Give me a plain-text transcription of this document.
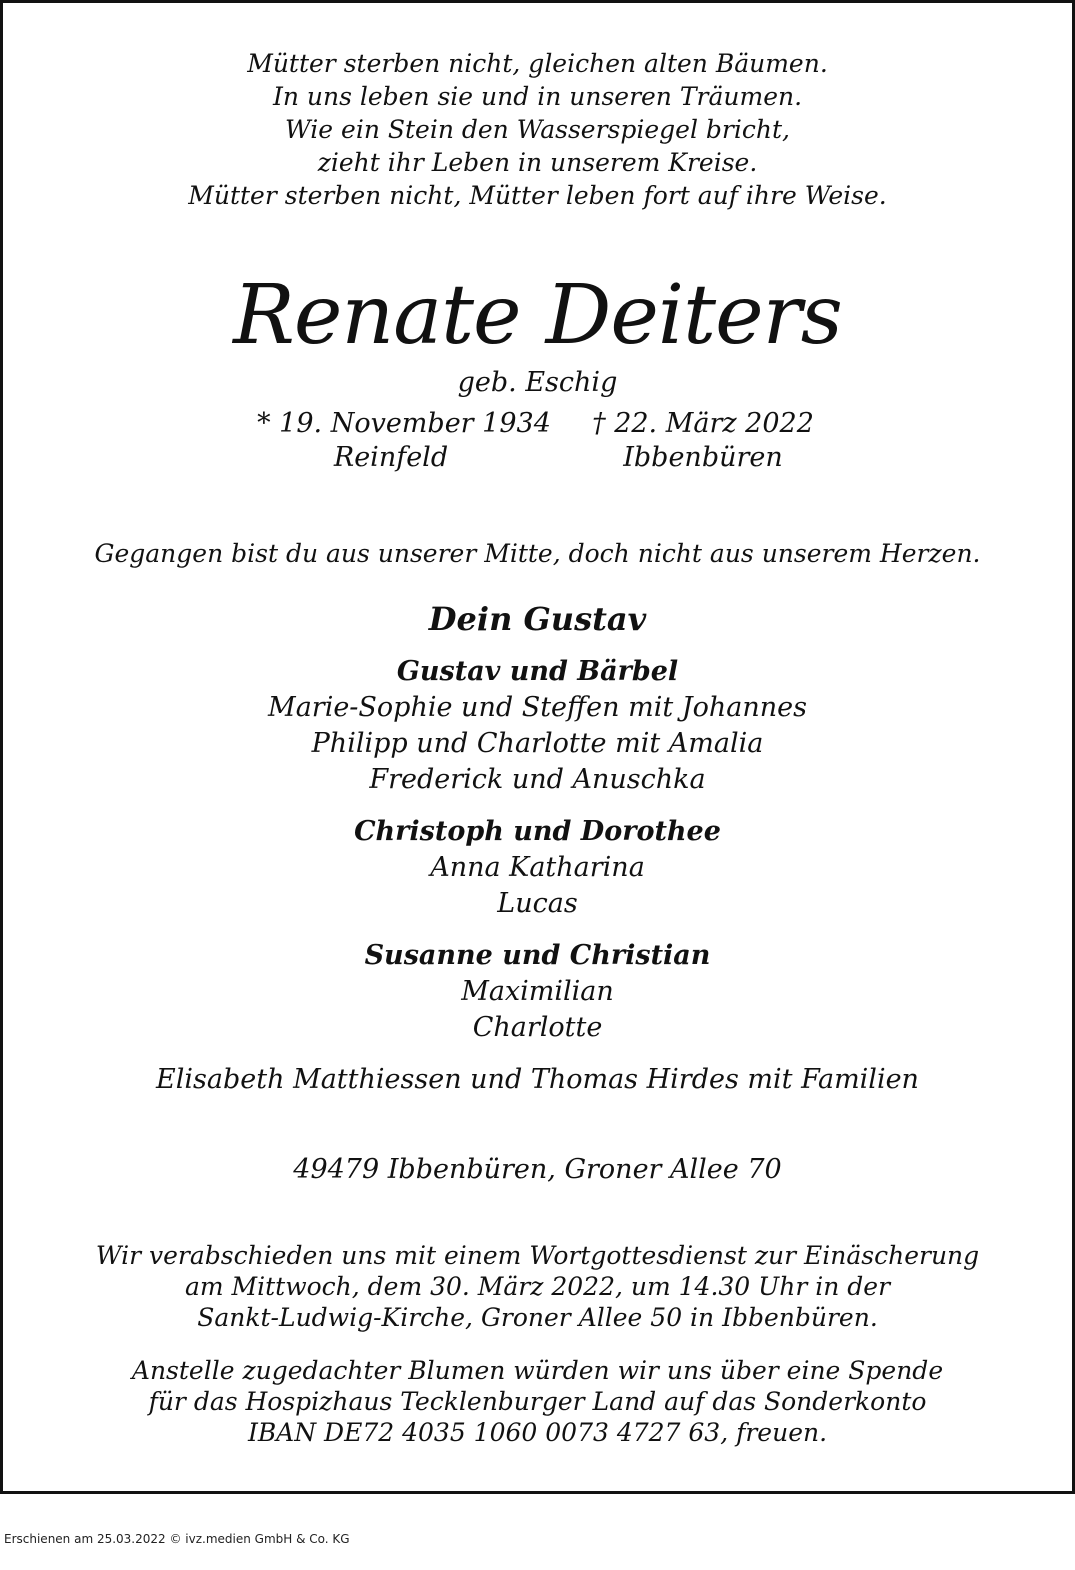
Mütter sterben nicht, gleichen alten Bäumen.
In uns leben sie und in unseren Träumen.
Wie ein Stein den Wasserspiegel bricht,
zieht ihr Leben in unserem Kreise.
Mütter sterben nicht, Mütter leben fort auf ihre Weise.
Renate Deiters
geb. Eschig
* 19. November 1934
Reinfeld
† 22. März 2022
Ibbenbüren
Gegangen bist du aus unserer Mitte, doch nicht aus unserem Herzen.
Dein Gustav
Gustav und Bärbel
Marie-Sophie und Steffen mit Johannes
Philipp und Charlotte mit Amalia
Frederick und Anuschka
Christoph und Dorothee
Anna Katharina
Lucas
Susanne und Christian
Maximilian
Charlotte
Elisabeth Matthiessen und Thomas Hirdes mit Familien
49479 Ibbenbüren, Groner Allee 70
Wir verabschieden uns mit einem Wortgottesdienst zur Einäscherung
am Mittwoch, dem 30. März 2022, um 14.30 Uhr in der
Sankt-Ludwig-Kirche, Groner Allee 50 in Ibbenbüren.
Anstelle zugedachter Blumen würden wir uns über eine Spende
für das Hospizhaus Tecklenburger Land auf das Sonderkonto
IBAN DE72 4035 1060 0073 4727 63, freuen.
Erschienen am 25.03.2022 © ivz.medien GmbH & Co. KG
